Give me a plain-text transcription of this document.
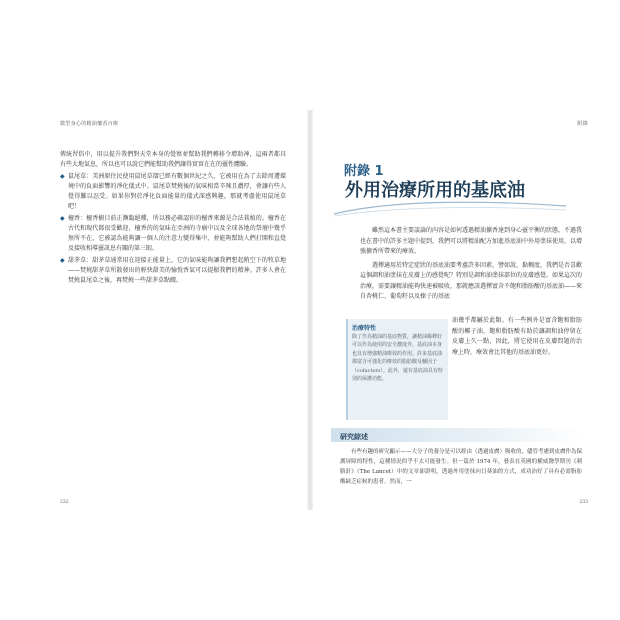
微型身心的精油藥香百療

傳統習俗中，用以提升我們對天堂本身的覺察並幫助我們轉移令增助神，這兩者都具有些大地氣息，所以也可以說它們能幫助我們讓得實實在在的靈性體驗。

◆ 鼠尾草：美洲原住民使用鼠尾草摺已經有數個世紀之久，它被用在為了去除周遭環境中的負面影響的淨化儀式中。鼠尾草焚燒後的氣味相當辛辣且濃厚，會讓有些人覺得難以忍受。如果你對於淨化負面能量的儀式深感興趣，那就考慮使用鼠尾草吧！
◆ 檀香：檀香樹目前正瀕臨絕種，所以務必確認你的檀香來源是合法栽植的。檀香在古代和現代都很受歡迎，檀香的的氣味在亞洲的寺廟中以及全球各地的祭壇中幾乎無所不在，它被認為能夠讓一個人的注意力變得集中，並能夠幫助人們打開和直覺及接收相導靈訊息有關的第三眼。
◆ 甜茅草：甜茅草通常用在迎接正能量上，它的氣味能夠讓我們想起稍空下的牧草地——焚燒甜茅草所散發出的輕快甜美的愉悅香氣可以提振我們的精神。許多人會在焚燒鼠尾草之後，再焚燒一些甜茅草點綴。
232
附錄
附錄 1
外用治療所用的基底油

雖然這本書主要談論的內容是如何透過精油擴香達到身心靈平衡的狀態，不過我也在書中的許多主題中提到，我們可以將精油配方加進基底油中外用塗抹使用，以增強擴香所帶來的療效。

選擇適用於特定症狀的基底油要考慮許多因素，譬如說，黏稠度，我們是否喜歡這個調和油塗抹在皮膚上的感覺呢？特別是調和油塗抹部位的皮膚感覺。如果這次的治療，需要讓精油能夠快速被吸收，那就應該選擇富含不飽和脂肪酸的基底油——來自杏桃仁、葡萄籽以及榛子的基底

治療特性
除了作為精油的基底物質，讓精油稀釋好可以作為使用的安全濃度外，基底油本身也具有增強精油療效的作用。許多基底油都富含可強化的療效的脂肪酸及輔因子（cofactors）。此外，還有基底油具有特別的保護功能。
油幾乎都屬於此類。有一些例外是富含飽和脂肪酸的椰子油，飽和脂肪酸有助於讓調和油停留在皮膚上久一點，因此，將它使用在皮膚問題的治療上時，療效會比其他的基底油更好。
研究綜述

有些有趣的研究顯示——大分子的養分是可以經由（透過皮膚）吸收的，儘管考慮到皮膚作為保護屏障的特性，這種情況似乎不太可能發生。但一篇於 1974 年，發表在英國的權威醫學期刊《刺胳針》（The Lancet）中的文章卻證明，透過外用塗抹向日葵油的方式，成功治好了具有必需脂肪酸缺乏症候的患者。然而，一

233
